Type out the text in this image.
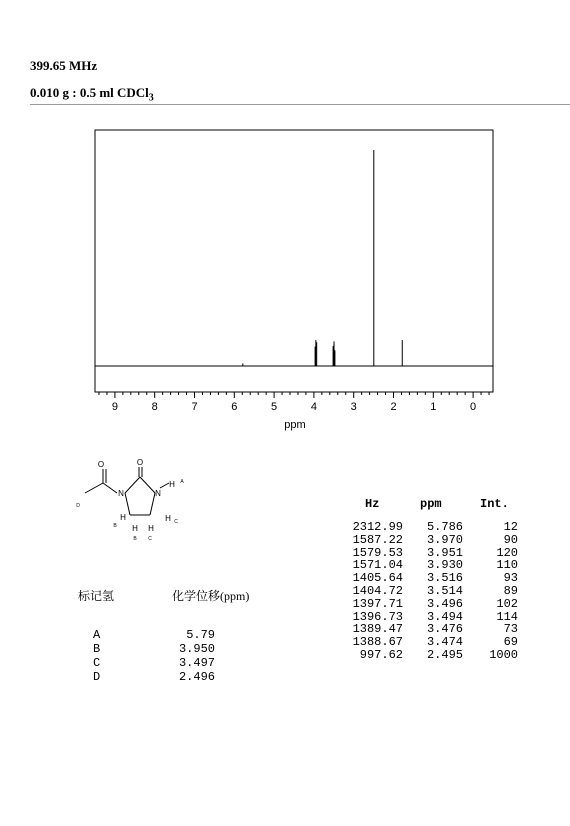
399.65 MHz
0.010 g : 0.5 ml CDCl$_3$
9	8	7	6	5	4	3	2	1	0
ppm
O
O
N	N
H A
D
H
H
B	H
B C
H C
标记氢	化学位移(ppm)
A	5.79
B	3.950
C	3.497
D	2.496
Hz	ppm	Int.
2312.99	5.786	12
1587.22	3.970	90
1579.53	3.951	120
1571.04	3.930	110
1405.64	3.516	93
1404.72	3.514	89
1397.71	3.496	102
1396.73	3.494	114
1389.47	3.476	73
1388.67	3.474	69
997.62	2.495	1000
